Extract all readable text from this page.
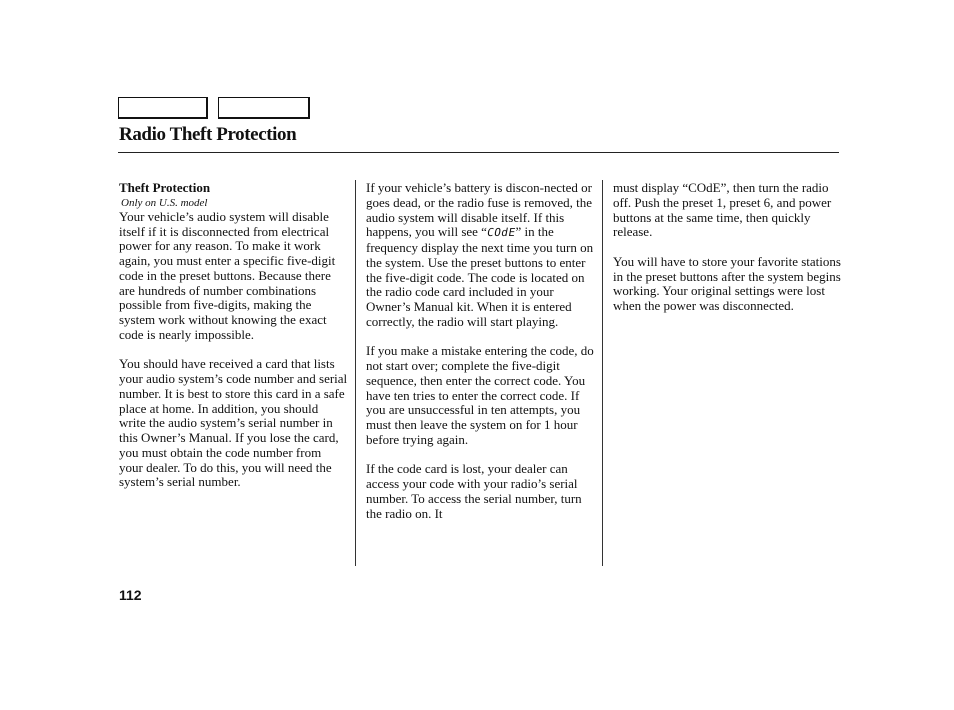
Radio Theft Protection
Theft Protection
Only on U.S. model

Your vehicle’s audio system will disable itself if it is disconnected from electrical power for any reason. To make it work again, you must enter a specific five-digit code in the preset buttons. Because there are hundreds of number combinations possible from five-digits, making the system work without knowing the exact code is nearly impossible.

You should have received a card that lists your audio system’s code number and serial number. It is best to store this card in a safe place at home. In addition, you should write the audio system’s serial number in this Owner’s Manual. If you lose the card, you must obtain the code number from your dealer. To do this, you will need the system’s serial number.

If your vehicle’s battery is discon-nected or goes dead, or the radio fuse is removed, the audio system will disable itself. If this happens, you will see “COdE” in the frequency display the next time you turn on the system. Use the preset buttons to enter the five-digit code. The code is located on the radio code card included in your Owner’s Manual kit. When it is entered correctly, the radio will start playing.

If you make a mistake entering the code, do not start over; complete the five-digit sequence, then enter the correct code. You have ten tries to enter the correct code. If you are unsuccessful in ten attempts, you must then leave the system on for 1 hour before trying again.

If the code card is lost, your dealer can access your code with your radio’s serial number. To access the serial number, turn the radio on. It

must display “COdE”, then turn the radio off. Push the preset 1, preset 6, and power buttons at the same time, then quickly release.

You will have to store your favorite stations in the preset buttons after the system begins working. Your original settings were lost when the power was disconnected.

112
